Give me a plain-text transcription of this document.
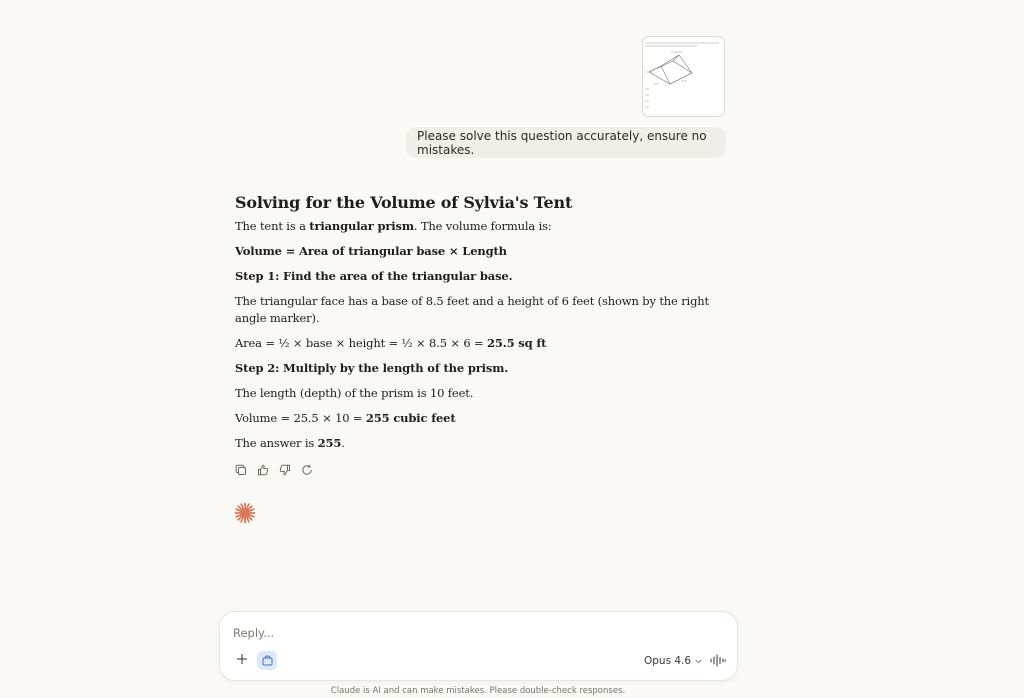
Please solve this question accurately, ensure no mistakes.
Solving for the Volume of Sylvia's Tent

The tent is a triangular prism. The volume formula is:

Volume = Area of triangular base × Length

Step 1: Find the area of the triangular base.

The triangular face has a base of 8.5 feet and a height of 6 feet (shown by the right angle marker).

Area = ½ × base × height = ½ × 8.5 × 6 = 25.5 sq ft

Step 2: Multiply by the length of the prism.

The length (depth) of the prism is 10 feet.

Volume = 25.5 × 10 = 255 cubic feet

The answer is 255.

Reply...
Opus 4.6
Claude is AI and can make mistakes. Please double-check responses.
